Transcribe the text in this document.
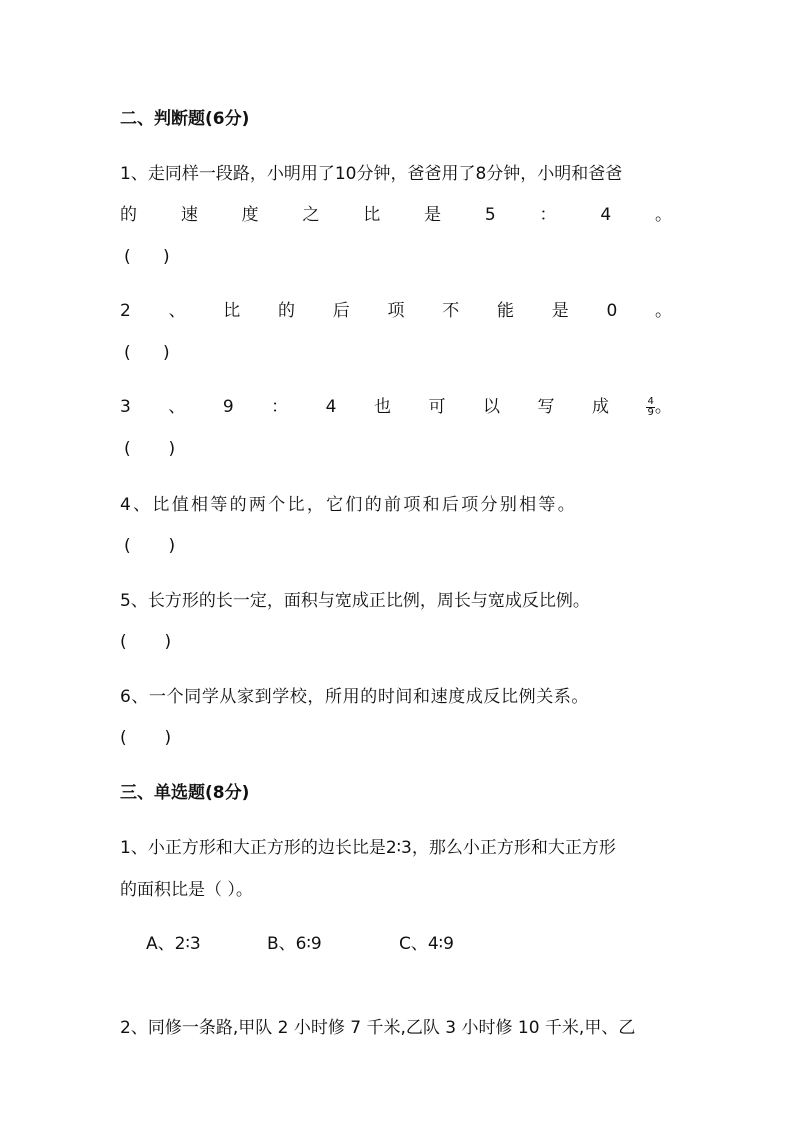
二、判断题(6分)
1、走同样一段路，小明用了10分钟，爸爸用了8分钟，小明和爸爸
的	速	度	之	比	是	5	：	4	。
(      )
2 、 比 的 后 项 不 能 是 0 。
(      )
3 、 9 ： 4 也 可 以 写 成	$\frac{4}{9}$ 。
(       )
4、比值相等的两个比，它们的前项和后项分别相等。
(       )
5、长方形的长一定，面积与宽成正比例，周长与宽成反比例。
(       )
6、一个同学从家到学校，所用的时间和速度成反比例关系。
(       )
三、单选题(8分)
1、小正方形和大正方形的边长比是2∶3，那么小正方形和大正方形
的面积比是（ ）。
A、2∶3	B、6∶9	C、4∶9
2、同修一条路,甲队 2 小时修 7 千米,乙队 3 小时修 10 千米,甲、乙
